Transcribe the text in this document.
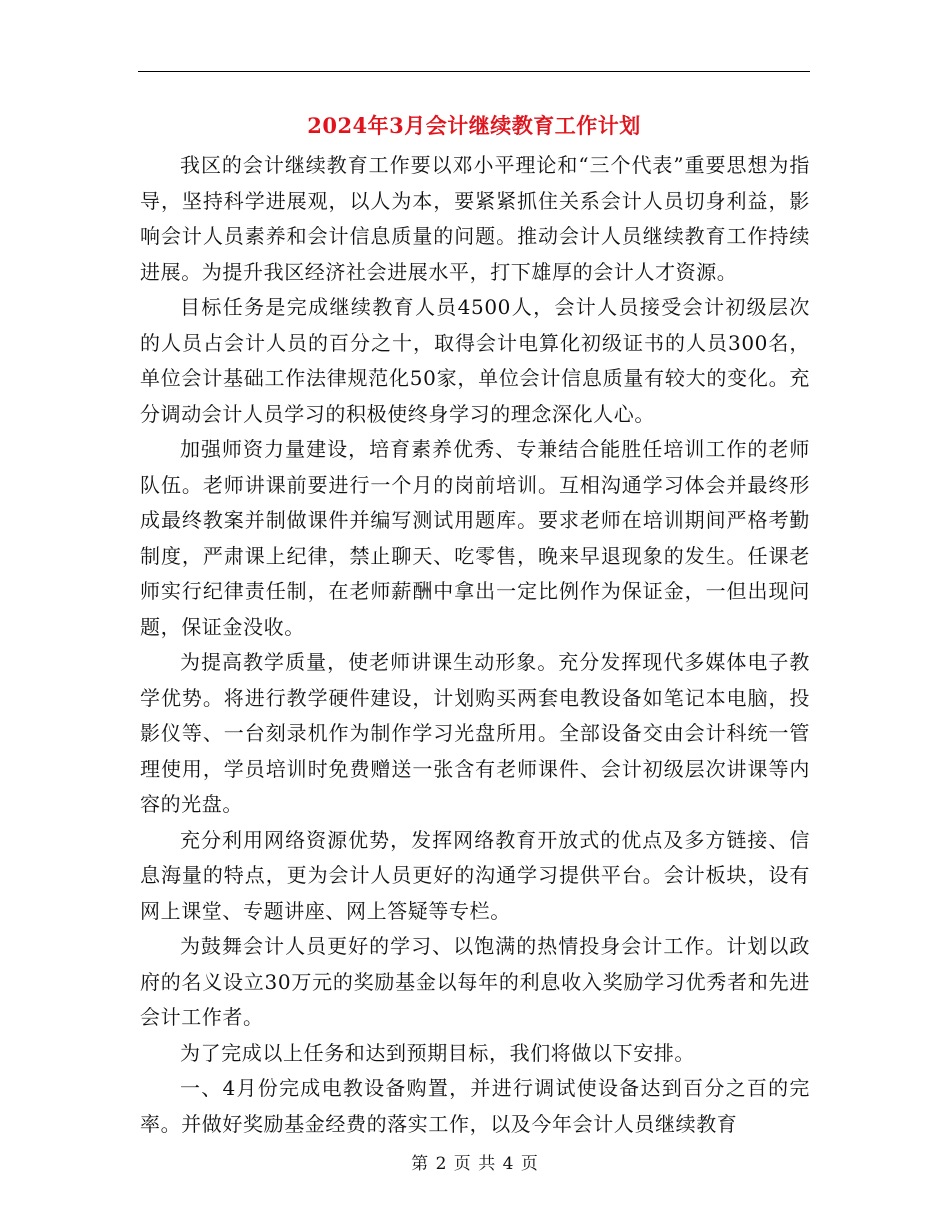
2024年3月会计继续教育工作计划

我区的会计继续教育工作要以邓小平理论和“三个代表”重要思想为指导，坚持科学进展观，以人为本，要紧紧抓住关系会计人员切身利益，影响会计人员素养和会计信息质量的问题。推动会计人员继续教育工作持续进展。为提升我区经济社会进展水平，打下雄厚的会计人才资源。

目标任务是完成继续教育人员4500人，会计人员接受会计初级层次的人员占会计人员的百分之十，取得会计电算化初级证书的人员300名，单位会计基础工作法律规范化50家，单位会计信息质量有较大的变化。充分调动会计人员学习的积极使终身学习的理念深化人心。

加强师资力量建设，培育素养优秀、专兼结合能胜任培训工作的老师队伍。老师讲课前要进行一个月的岗前培训。互相沟通学习体会并最终形成最终教案并制做课件并编写测试用题库。要求老师在培训期间严格考勤制度，严肃课上纪律，禁止聊天、吃零售，晚来早退现象的发生。任课老师实行纪律责任制，在老师薪酬中拿出一定比例作为保证金，一但出现问题，保证金没收。

为提高教学质量，使老师讲课生动形象。充分发挥现代多媒体电子教学优势。将进行教学硬件建设，计划购买两套电教设备如笔记本电脑，投影仪等、一台刻录机作为制作学习光盘所用。全部设备交由会计科统一管理使用，学员培训时免费赠送一张含有老师课件、会计初级层次讲课等内容的光盘。

充分利用网络资源优势，发挥网络教育开放式的优点及多方链接、信息海量的特点，更为会计人员更好的沟通学习提供平台。会计板块，设有网上课堂、专题讲座、网上答疑等专栏。

为鼓舞会计人员更好的学习、以饱满的热情投身会计工作。计划以政府的名义设立30万元的奖励基金以每年的利息收入奖励学习优秀者和先进会计工作者。

为了完成以上任务和达到预期目标，我们将做以下安排。

一、4月份完成电教设备购置，并进行调试使设备达到百分之百的完率。并做好奖励基金经费的落实工作，以及今年会计人员继续教育

第 2 页 共 4 页
